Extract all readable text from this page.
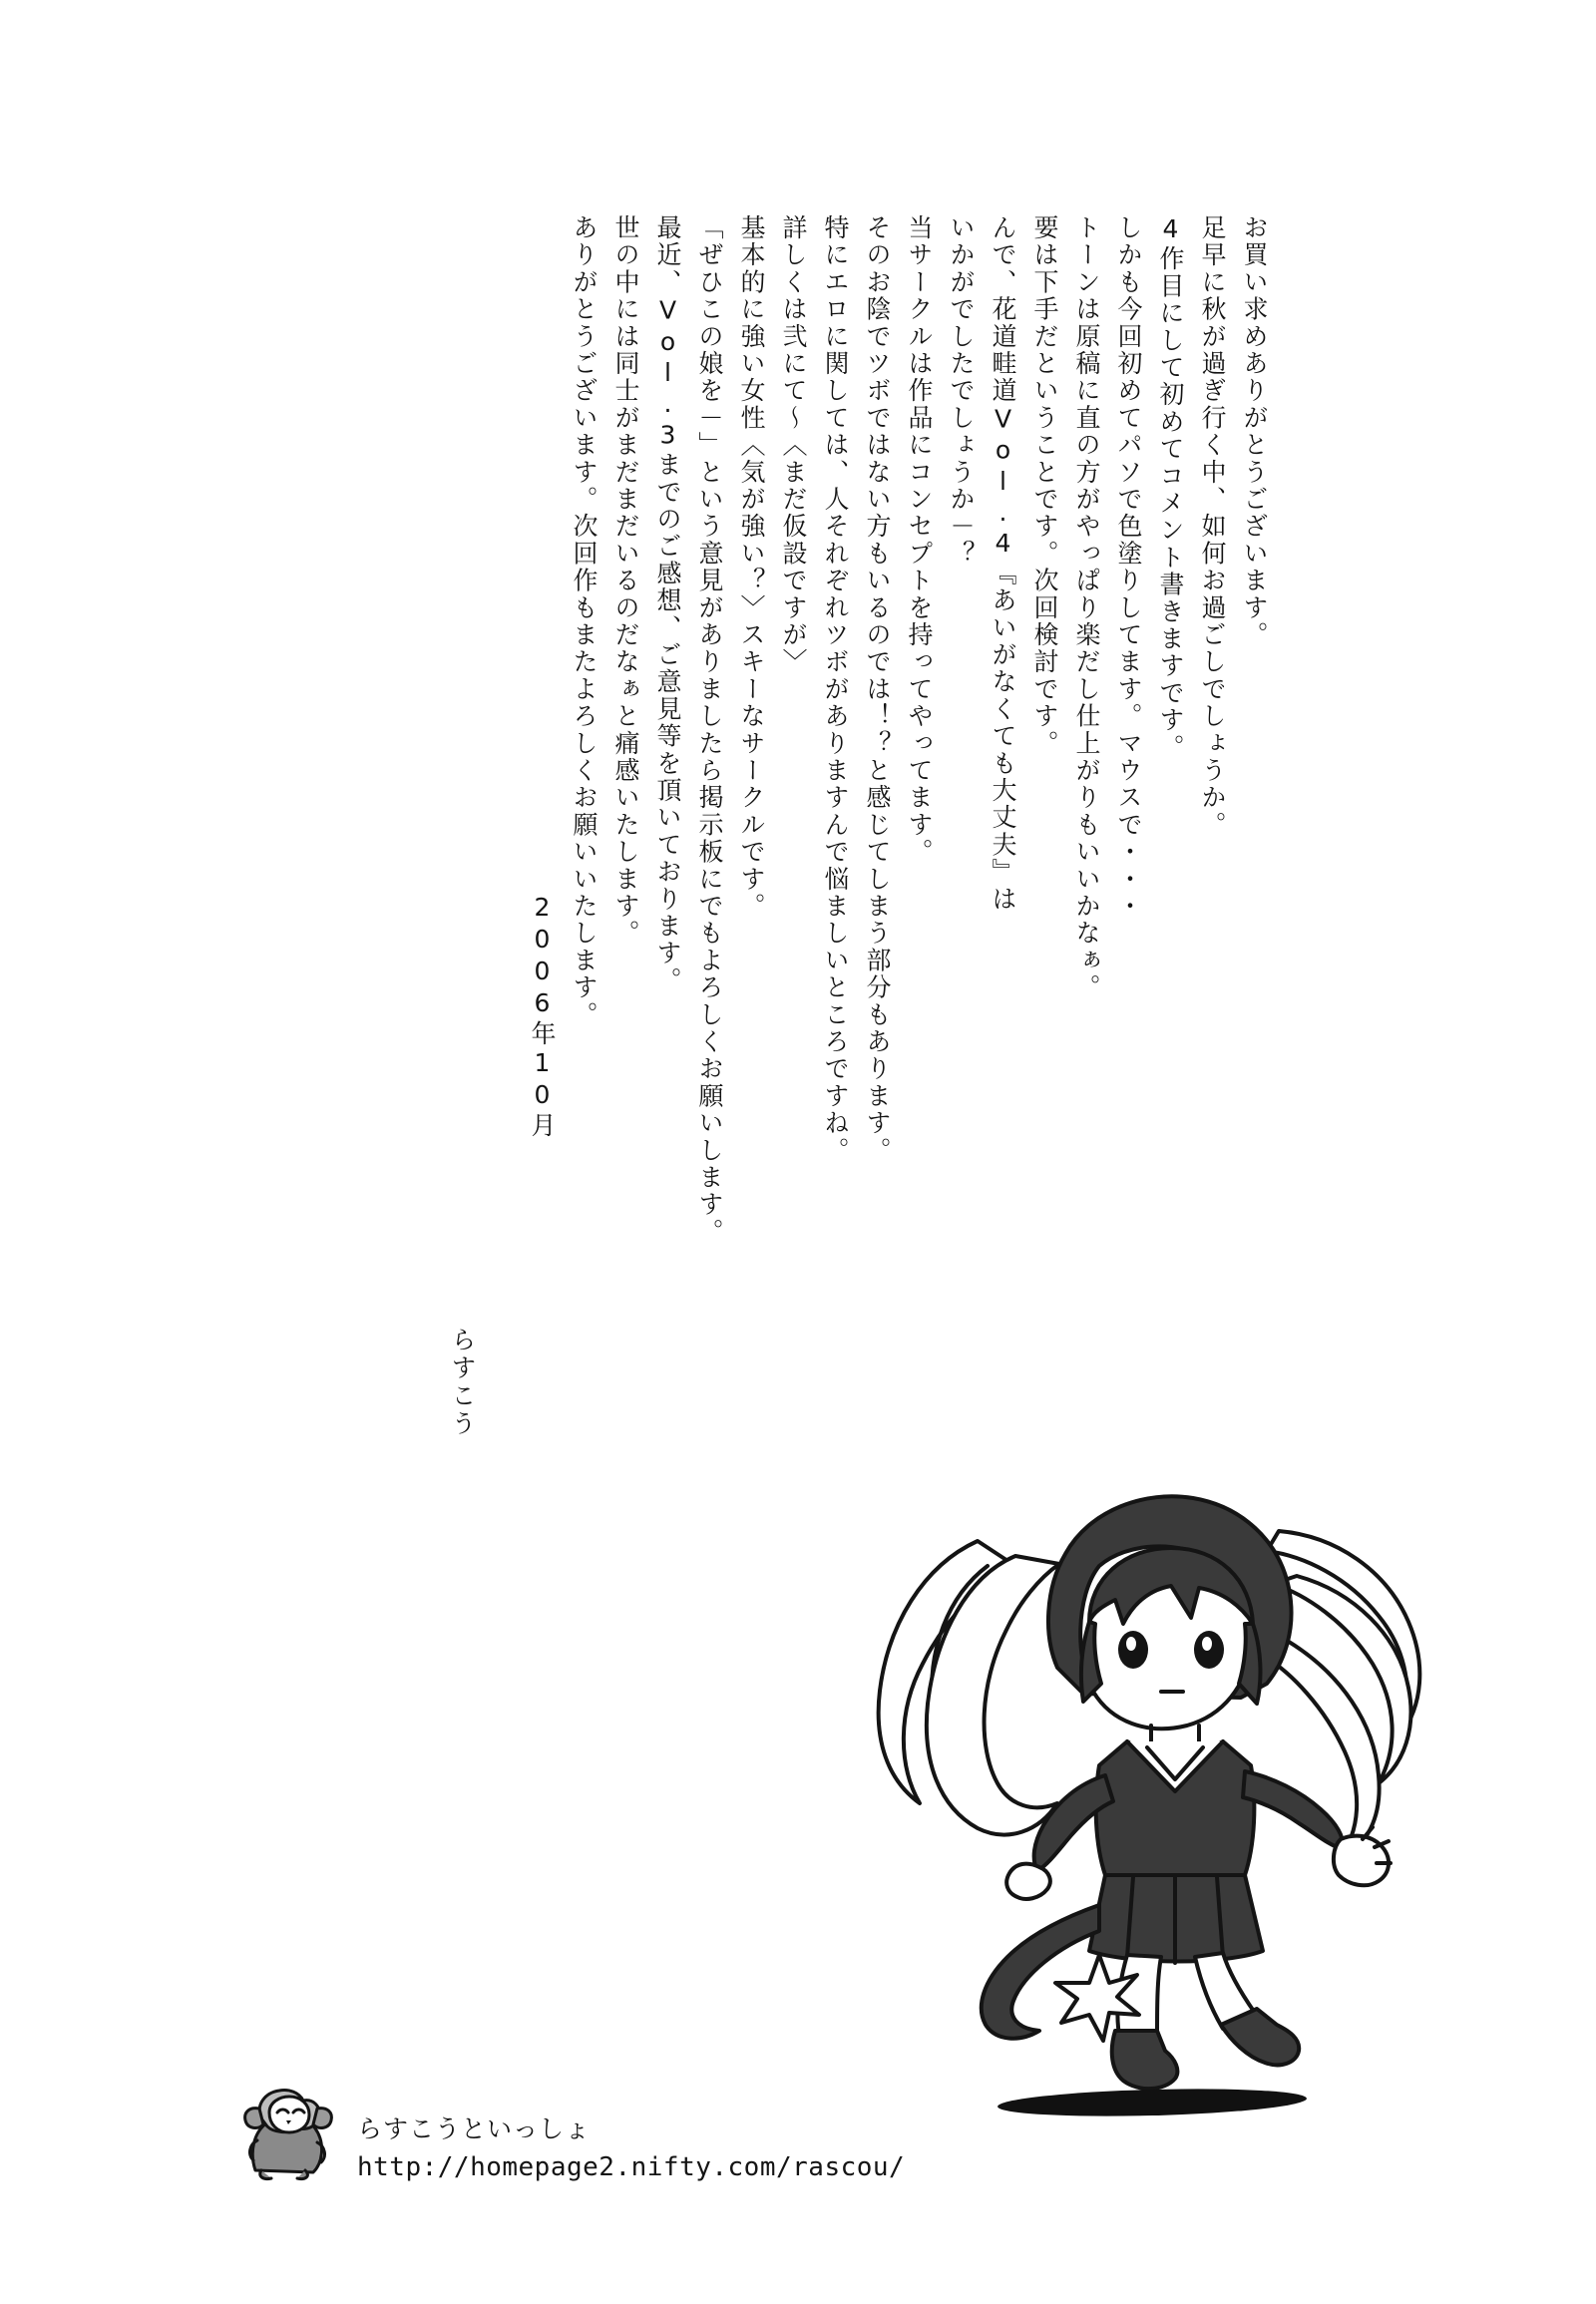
お買い求めありがとうございます。
足早に秋が過ぎ行く中、如何お過ごしでしょうか。
4作目にして初めてコメント書きますです。
しかも今回初めてパソで色塗りしてます。マウスで・・・
トーンは原稿に直の方がやっぱり楽だし仕上がりもいいかなぁ。
要は下手だということです。次回検討です。
んで、花道畦道Vol.4『あいがなくても大丈夫』は
いかがでしたでしょうか－？
当サークルは作品にコンセプトを持ってやってます。
そのお陰でツボではない方もいるのでは！？と感じてしまう部分もあります。
特にエロに関しては、人それぞれツボがありますんで悩ましいところですね。
詳しくは弐にて～〈まだ仮設ですが〉
基本的に強い女性〈気が強い？〉スキーなサークルです。
「ぜひこの娘を－」という意見がありましたら掲示板にでもよろしくお願いします。
最近、Vol.3までのご感想、ご意見等を頂いております。
世の中には同士がまだまだいるのだなぁと痛感いたします。
ありがとうございます。次回作もまたよろしくお願いいたします。
2006年10月
らすこう
らすこうといっしょ
http://homepage2.nifty.com/rascou/
